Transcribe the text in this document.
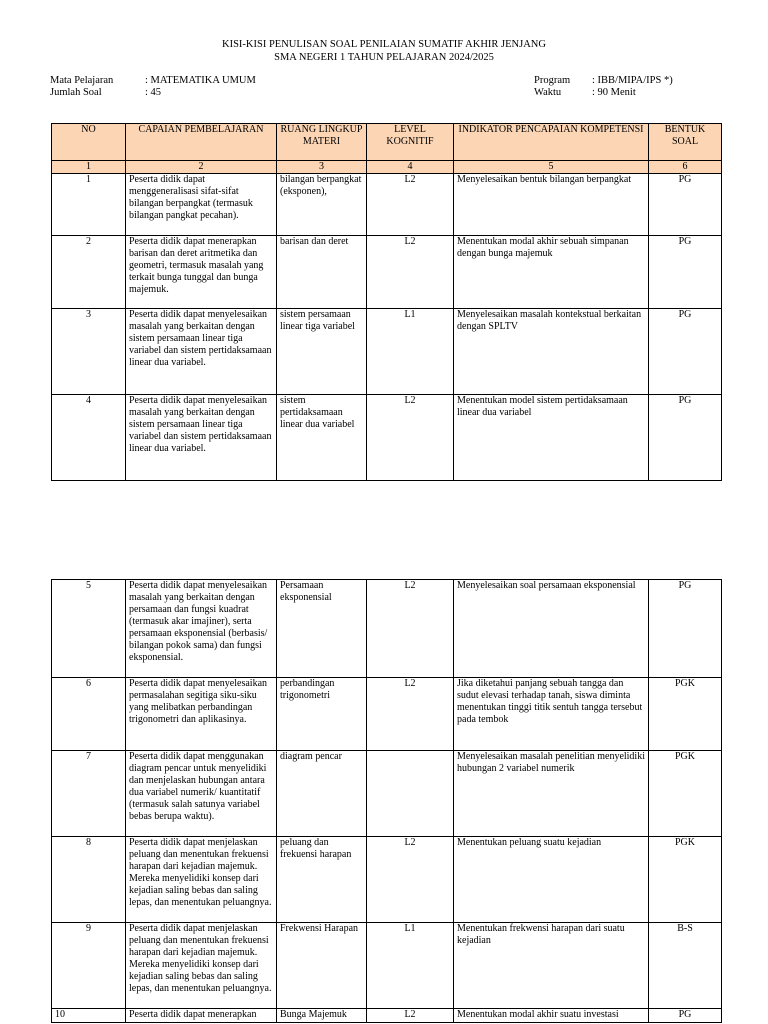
KISI-KISI PENULISAN SOAL PENILAIAN SUMATIF AKHIR JENJANG
SMA NEGERI 1 TAHUN PELAJARAN 2024/2025
Mata Pelajaran	: MATEMATIKA UMUM
Jumlah Soal	: 45
Program : IBB/MIPA/IPS *)
Waktu	: 90 Menit
NO	CAPAIAN PEMBELAJARAN	RUANG LINGKUP MATERI	LEVEL KOGNITIF	INDIKATOR PENCAPAIAN KOMPETENSI	BENTUK SOAL
1	2	3	4	5	6
1	Peserta didik dapat menggeneralisasi sifat-sifat bilangan berpangkat (termasuk bilangan pangkat pecahan).	bilangan berpangkat (eksponen),	L2	Menyelesaikan bentuk bilangan berpangkat	PG
2	Peserta didik dapat menerapkan barisan dan deret aritmetika dan geometri, termasuk masalah yang terkait bunga tunggal dan bunga majemuk.	barisan dan deret	L2	Menentukan modal akhir sebuah simpanan dengan bunga majemuk	PG
3	Peserta didik dapat menyelesaikan masalah yang berkaitan dengan sistem persamaan linear tiga variabel dan sistem pertidaksamaan linear dua variabel.	sistem persamaan linear tiga variabel	L1	Menyelesaikan masalah kontekstual berkaitan dengan SPLTV	PG
4	Peserta didik dapat menyelesaikan masalah yang berkaitan dengan sistem persamaan linear tiga variabel dan sistem pertidaksamaan linear dua variabel.	sistem pertidaksamaan linear dua variabel	L2	Menentukan model sistem pertidaksamaan linear dua variabel	PG
5	Peserta didik dapat menyelesaikan masalah yang berkaitan dengan persamaan dan fungsi kuadrat (termasuk akar imajiner), serta persamaan eksponensial (berbasis/ bilangan pokok sama) dan fungsi eksponensial.	Persamaan eksponensial	L2	Menyelesaikan soal persamaan eksponensial	PG
6	Peserta didik dapat menyelesaikan permasalahan segitiga siku-siku yang melibatkan perbandingan trigonometri dan aplikasinya.	perbandingan trigonometri	L2	Jika diketahui panjang sebuah tangga dan sudut elevasi terhadap tanah, siswa diminta menentukan tinggi titik sentuh tangga tersebut pada tembok	PGK
7	Peserta didik dapat menggunakan diagram pencar untuk menyelidiki dan menjelaskan hubungan antara dua variabel numerik/ kuantitatif (termasuk salah satunya variabel bebas berupa waktu).	diagram pencar		Menyelesaikan masalah penelitian menyelidiki hubungan 2 variabel numerik	PGK
8	Peserta didik dapat menjelaskan peluang dan menentukan frekuensi harapan dari kejadian majemuk. Mereka menyelidiki konsep dari kejadian saling bebas dan saling lepas, dan menentukan peluangnya.	peluang dan frekuensi harapan	L2	Menentukan peluang suatu kejadian	PGK
9	Peserta didik dapat menjelaskan peluang dan menentukan frekuensi harapan dari kejadian majemuk. Mereka menyelidiki konsep dari kejadian saling bebas dan saling lepas, dan menentukan peluangnya.	Frekwensi Harapan	L1	Menentukan frekwensi harapan dari suatu kejadian	B-S
10	Peserta didik dapat menerapkan	Bunga Majemuk	L2	Menentukan modal akhir suatu investasi	PG
